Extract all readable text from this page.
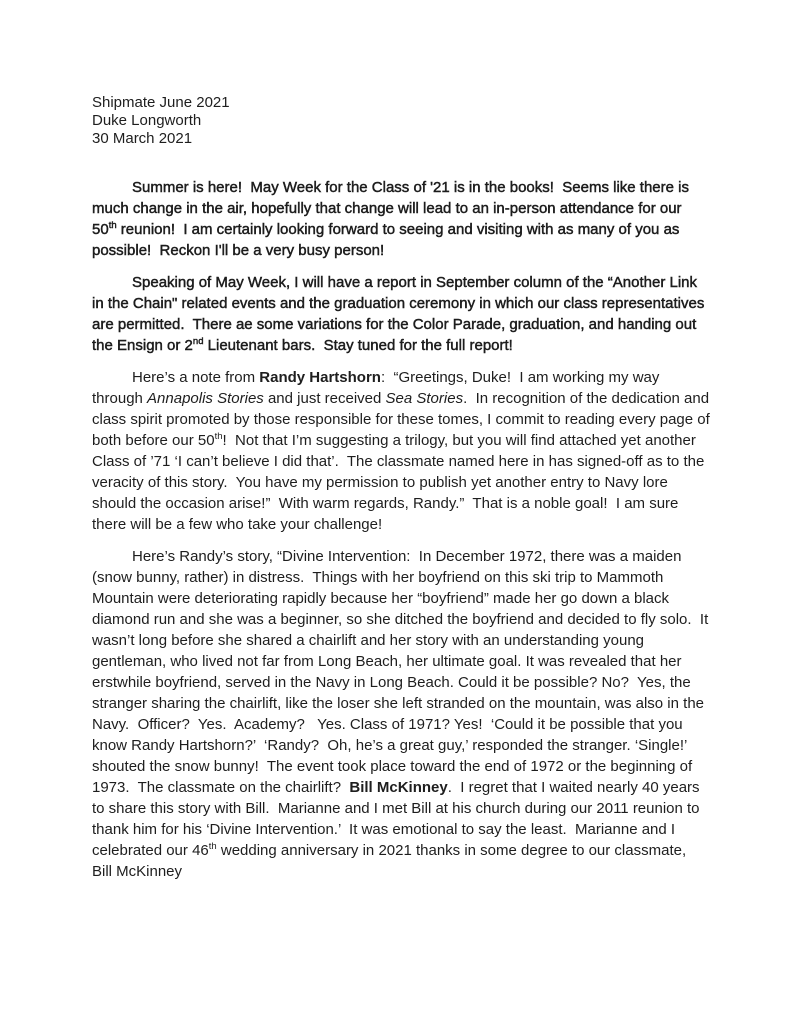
Shipmate June 2021
Duke Longworth
30 March 2021

Summer is here!  May Week for the Class of '21 is in the books!  Seems like there is much change in the air, hopefully that change will lead to an in-person attendance for our 50th reunion!  I am certainly looking forward to seeing and visiting with as many of you as possible!  Reckon I'll be a very busy person!

Speaking of May Week, I will have a report in September column of the “Another Link in the Chain" related events and the graduation ceremony in which our class representatives are permitted.  There ae some variations for the Color Parade, graduation, and handing out the Ensign or 2nd Lieutenant bars.  Stay tuned for the full report!

Here’s a note from Randy Hartshorn:  “Greetings, Duke!  I am working my way through Annapolis Stories and just received Sea Stories.  In recognition of the dedication and class spirit promoted by those responsible for these tomes, I commit to reading every page of both before our 50th!  Not that I’m suggesting a trilogy, but you will find attached yet another Class of ’71 ‘I can’t believe I did that’.  The classmate named here in has signed-off as to the veracity of this story.  You have my permission to publish yet another entry to Navy lore should the occasion arise!”  With warm regards, Randy.”  That is a noble goal!  I am sure there will be a few who take your challenge!

Here’s Randy’s story, “Divine Intervention:  In December 1972, there was a maiden (snow bunny, rather) in distress.  Things with her boyfriend on this ski trip to Mammoth Mountain were deteriorating rapidly because her “boyfriend” made her go down a black diamond run and she was a beginner, so she ditched the boyfriend and decided to fly solo.  It wasn’t long before she shared a chairlift and her story with an understanding young gentleman, who lived not far from Long Beach, her ultimate goal. It was revealed that her erstwhile boyfriend, served in the Navy in Long Beach. Could it be possible? No?  Yes, the stranger sharing the chairlift, like the loser she left stranded on the mountain, was also in the Navy.  Officer?  Yes.  Academy?   Yes. Class of 1971? Yes!  ‘Could it be possible that you know Randy Hartshorn?’  ‘Randy?  Oh, he’s a great guy,’ responded the stranger. ‘Single!’ shouted the snow bunny!  The event took place toward the end of 1972 or the beginning of 1973.  The classmate on the chairlift?  Bill McKinney.  I regret that I waited nearly 40 years to share this story with Bill.  Marianne and I met Bill at his church during our 2011 reunion to thank him for his ‘Divine Intervention.’  It was emotional to say the least.  Marianne and I celebrated our 46th wedding anniversary in 2021 thanks in some degree to our classmate, Bill McKinney
